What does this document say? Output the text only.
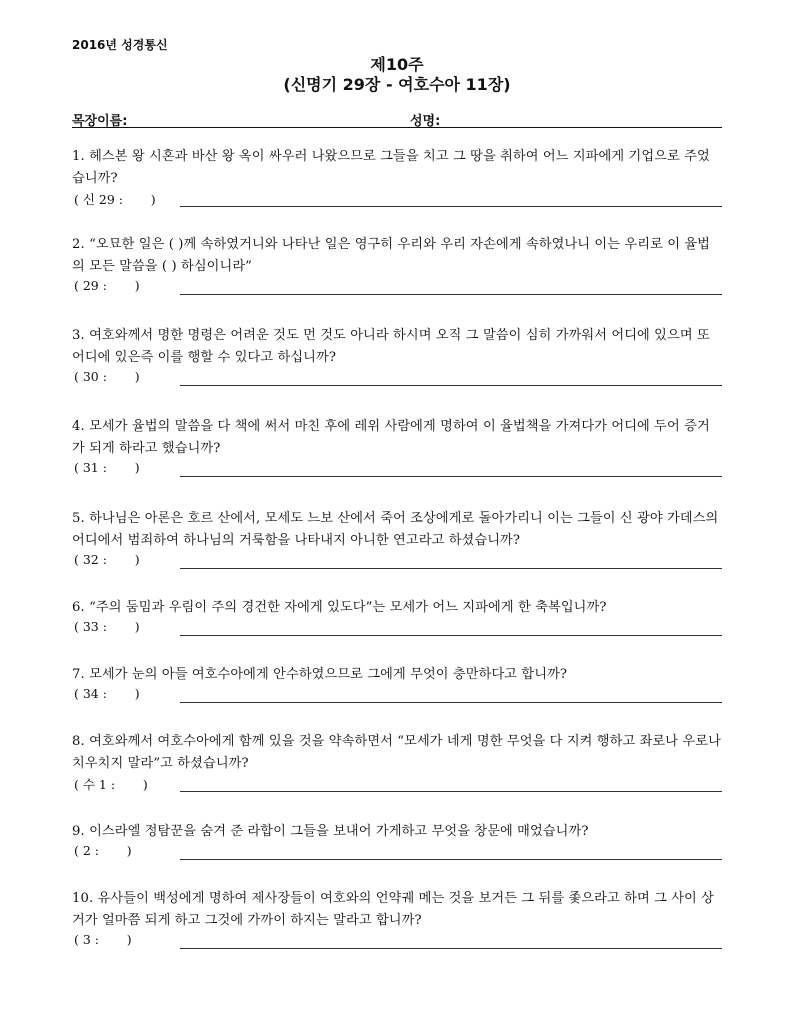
2016년 성경통신
제10주
(신명기 29장 - 여호수아 11장)
목장이름:	성명:

1. 헤스본 왕 시혼과 바산 왕 옥이 싸우러 나왔으므로 그들을 치고 그 땅을 취하여 어느 지파에게 기업으로 주었습니까?

( 신 29 :       )

2. “오묘한 일은 ( )께 속하였거니와 나타난 일은 영구히 우리와 우리 자손에게 속하였나니 이는 우리로 이 율법의 모든 말씀을 ( ) 하심이니라”

( 29 :       )

3. 여호와께서 명한 명령은 어려운 것도 먼 것도 아니라 하시며 오직 그 말씀이 심히 가까워서 어디에 있으며 또 어디에 있은즉 이를 행할 수 있다고 하십니까?

( 30 :       )

4. 모세가 율법의 말씀을 다 책에 써서 마친 후에 레위 사람에게 명하여 이 율법책을 가져다가 어디에 두어 증거가 되게 하라고 했습니까?

( 31 :       )

5. 하나님은 아론은 호르 산에서, 모세도 느보 산에서 죽어 조상에게로 돌아가리니 이는 그들이 신 광야 가데스의 어디에서 범죄하여 하나님의 거룩함을 나타내지 아니한 연고라고 하셨습니까?

( 32 :       )

6. “주의 둠밈과 우림이 주의 경건한 자에게 있도다”는 모세가 어느 지파에게 한 축복입니까?

( 33 :       )

7. 모세가 눈의 아들 여호수아에게 안수하였으므로 그에게 무엇이 충만하다고 합니까?

( 34 :       )

8. 여호와께서 여호수아에게 함께 있을 것을 약속하면서 “모세가 네게 명한 무엇을 다 지켜 행하고 좌로나 우로나 치우치지 말라”고 하셨습니까?

( 수 1 :       )

9. 이스라엘 정탐꾼을 숨겨 준 라합이 그들을 보내어 가게하고 무엇을 창문에 매었습니까?

( 2 :       )

10. 유사들이 백성에게 명하여 제사장들이 여호와의 언약궤 메는 것을 보거든 그 뒤를 좇으라고 하며 그 사이 상거가 얼마쯤 되게 하고 그것에 가까이 하지는 말라고 합니까?

( 3 :       )
